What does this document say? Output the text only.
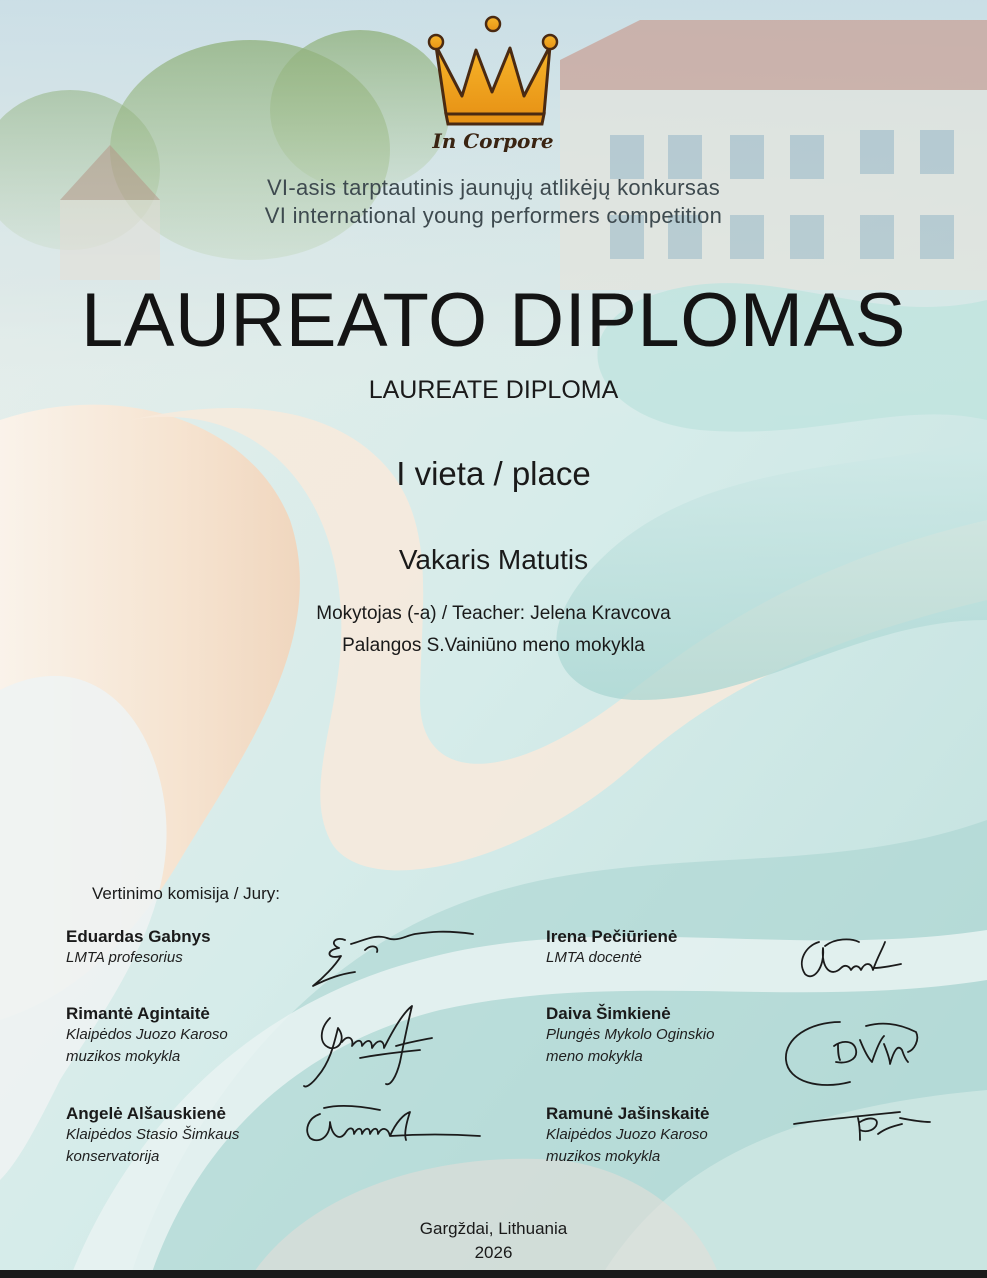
In Corpore
VI-asis tarptautinis jaunųjų atlikėjų konkursas
VI international young performers competition
LAUREATO DIPLOMAS
LAUREATE DIPLOMA
I vieta / place
Vakaris Matutis
Mokytojas (-a) / Teacher: Jelena Kravcova
Palangos S.Vainiūno meno mokykla
Vertinimo komisija / Jury:
Eduardas Gabnys
LMTA profesorius
Irena Pečiūrienė
LMTA docentė
Rimantė Agintaitė
Klaipėdos Juozo Karoso
muzikos mokykla
Daiva Šimkienė
Plungės Mykolo Oginskio
meno mokykla
Angelė Alšauskienė
Klaipėdos Stasio Šimkaus
konservatorija
Ramunė Jašinskaitė
Klaipėdos Juozo Karoso
muzikos mokykla
Gargždai, Lithuania
2026
